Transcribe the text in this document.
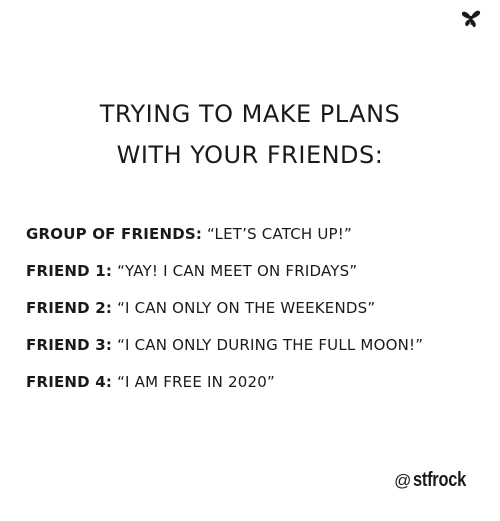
TRYING TO MAKE PLANS
WITH YOUR FRIENDS:
GROUP OF FRIENDS: “LET’S CATCH UP!”
FRIEND 1: “YAY! I CAN MEET ON FRIDAYS”
FRIEND 2: “I CAN ONLY ON THE WEEKENDS”
FRIEND 3: “I CAN ONLY DURING THE FULL MOON!”
FRIEND 4: “I AM FREE IN 2020”
@ stfrock
